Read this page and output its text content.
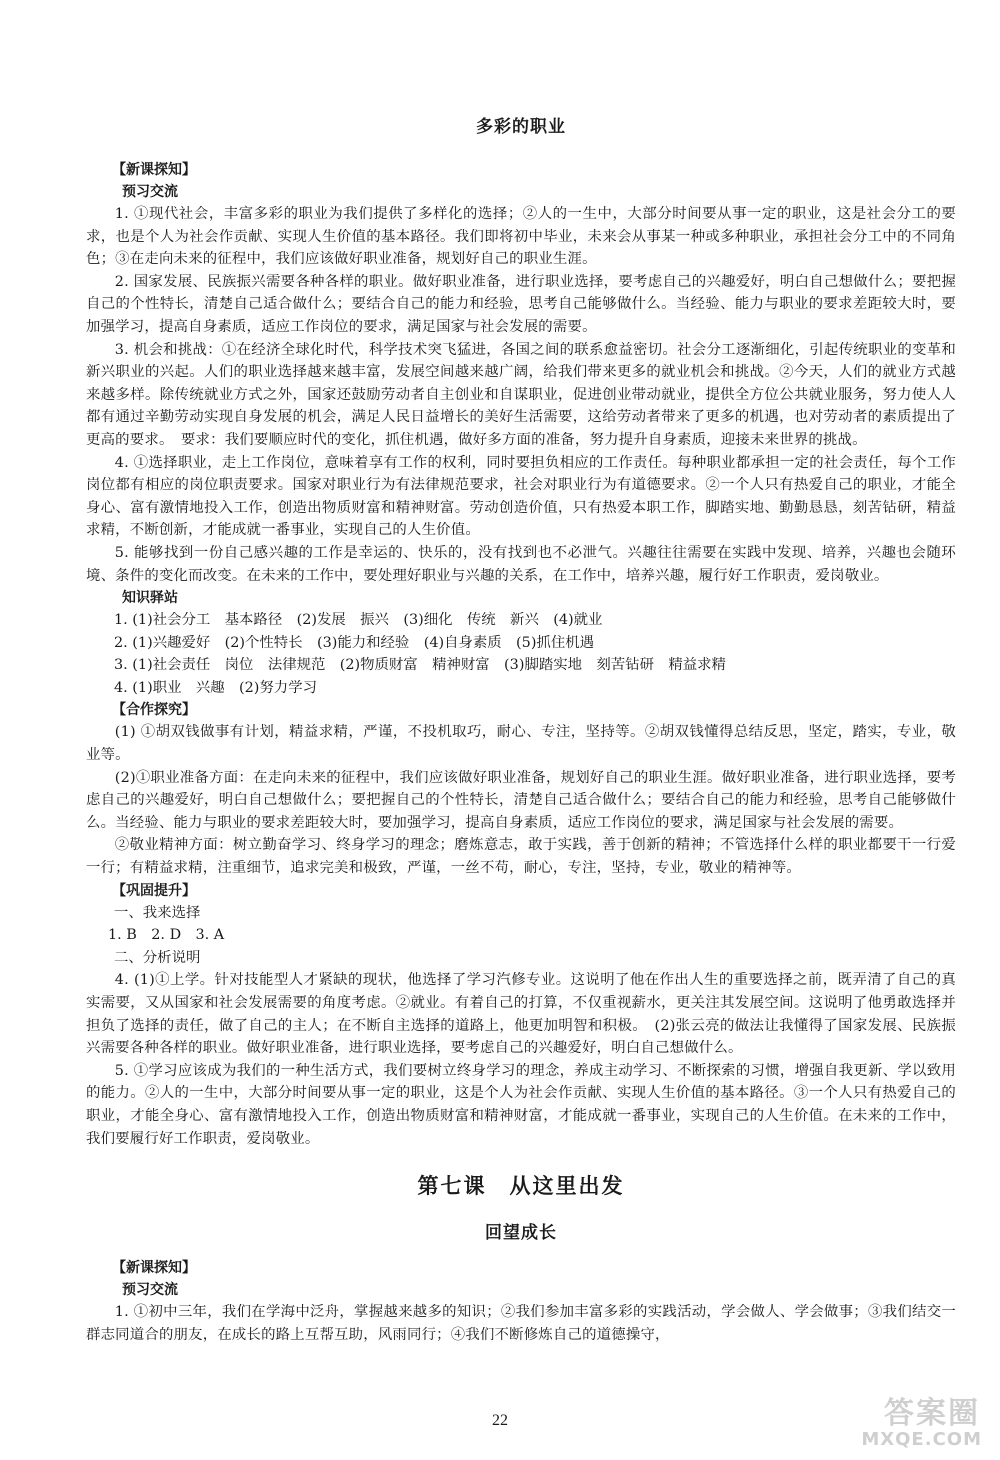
多彩的职业
【新课探知】
预习交流

1. ①现代社会，丰富多彩的职业为我们提供了多样化的选择；②人的一生中，大部分时间要从事一定的职业，这是社会分工的要求，也是个人为社会作贡献、实现人生价值的基本路径。我们即将初中毕业，未来会从事某一种或多种职业，承担社会分工中的不同角色；③在走向未来的征程中，我们应该做好职业准备，规划好自己的职业生涯。

2. 国家发展、民族振兴需要各种各样的职业。做好职业准备，进行职业选择，要考虑自己的兴趣爱好，明白自己想做什么；要把握自己的个性特长，清楚自己适合做什么；要结合自己的能力和经验，思考自己能够做什么。当经验、能力与职业的要求差距较大时，要加强学习，提高自身素质，适应工作岗位的要求，满足国家与社会发展的需要。

3. 机会和挑战：①在经济全球化时代，科学技术突飞猛进，各国之间的联系愈益密切。社会分工逐渐细化，引起传统职业的变革和新兴职业的兴起。人们的职业选择越来越丰富，发展空间越来越广阔，给我们带来更多的就业机会和挑战。②今天，人们的就业方式越来越多样。除传统就业方式之外，国家还鼓励劳动者自主创业和自谋职业，促进创业带动就业，提供全方位公共就业服务，努力使人人都有通过辛勤劳动实现自身发展的机会，满足人民日益增长的美好生活需要，这给劳动者带来了更多的机遇，也对劳动者的素质提出了更高的要求。　要求：我们要顺应时代的变化，抓住机遇，做好多方面的准备，努力提升自身素质，迎接未来世界的挑战。

4. ①选择职业，走上工作岗位，意味着享有工作的权利，同时要担负相应的工作责任。每种职业都承担一定的社会责任，每个工作岗位都有相应的岗位职责要求。国家对职业行为有法律规范要求，社会对职业行为有道德要求。②一个人只有热爱自己的职业，才能全身心、富有激情地投入工作，创造出物质财富和精神财富。劳动创造价值，只有热爱本职工作，脚踏实地、勤勤恳恳，刻苦钻研，精益求精，不断创新，才能成就一番事业，实现自己的人生价值。

5. 能够找到一份自己感兴趣的工作是幸运的、快乐的，没有找到也不必泄气。兴趣往往需要在实践中发现、培养，兴趣也会随环境、条件的变化而改变。在未来的工作中，要处理好职业与兴趣的关系，在工作中，培养兴趣，履行好工作职责，爱岗敬业。

知识驿站

1. (1)社会分工　基本路径　(2)发展　振兴　(3)细化　传统　新兴　(4)就业

2. (1)兴趣爱好　(2)个性特长　(3)能力和经验　(4)自身素质　(5)抓住机遇

3. (1)社会责任　岗位　法律规范　(2)物质财富　精神财富　(3)脚踏实地　刻苦钻研　精益求精

4. (1)职业　兴趣　(2)努力学习

【合作探究】

(1) ①胡双钱做事有计划，精益求精，严谨，不投机取巧，耐心、专注，坚持等。②胡双钱懂得总结反思，坚定，踏实，专业，敬业等。

(2)①职业准备方面：在走向未来的征程中，我们应该做好职业准备，规划好自己的职业生涯。做好职业准备，进行职业选择，要考虑自己的兴趣爱好，明白自己想做什么；要把握自己的个性特长，清楚自己适合做什么；要结合自己的能力和经验，思考自己能够做什么。当经验、能力与职业的要求差距较大时，要加强学习，提高自身素质，适应工作岗位的要求，满足国家与社会发展的需要。

②敬业精神方面：树立勤奋学习、终身学习的理念；磨炼意志，敢于实践，善于创新的精神；不管选择什么样的职业都要干一行爱一行；有精益求精，注重细节，追求完美和极致，严谨，一丝不苟，耐心，专注，坚持，专业，敬业的精神等。

【巩固提升】

一、我来选择

1. B　2. D　3. A

二、分析说明

4. (1)①上学。针对技能型人才紧缺的现状，他选择了学习汽修专业。这说明了他在作出人生的重要选择之前，既弄清了自己的真实需要，又从国家和社会发展需要的角度考虑。②就业。有着自己的打算，不仅重视薪水，更关注其发展空间。这说明了他勇敢选择并担负了选择的责任，做了自己的主人；在不断自主选择的道路上，他更加明智和积极。　(2)张云亮的做法让我懂得了国家发展、民族振兴需要各种各样的职业。做好职业准备，进行职业选择，要考虑自己的兴趣爱好，明白自己想做什么。

5. ①学习应该成为我们的一种生活方式，我们要树立终身学习的理念，养成主动学习、不断探索的习惯，增强自我更新、学以致用的能力。②人的一生中，大部分时间要从事一定的职业，这是个人为社会作贡献、实现人生价值的基本路径。③一个人只有热爱自己的职业，才能全身心、富有激情地投入工作，创造出物质财富和精神财富，才能成就一番事业，实现自己的人生价值。在未来的工作中，我们要履行好工作职责，爱岗敬业。

第七课　从这里出发
回望成长
【新课探知】
预习交流

1. ①初中三年，我们在学海中泛舟，掌握越来越多的知识；②我们参加丰富多彩的实践活动，学会做人、学会做事；③我们结交一群志同道合的朋友，在成长的路上互帮互助，风雨同行；④我们不断修炼自己的道德操守，

22	答案圈
MXQE.COM
